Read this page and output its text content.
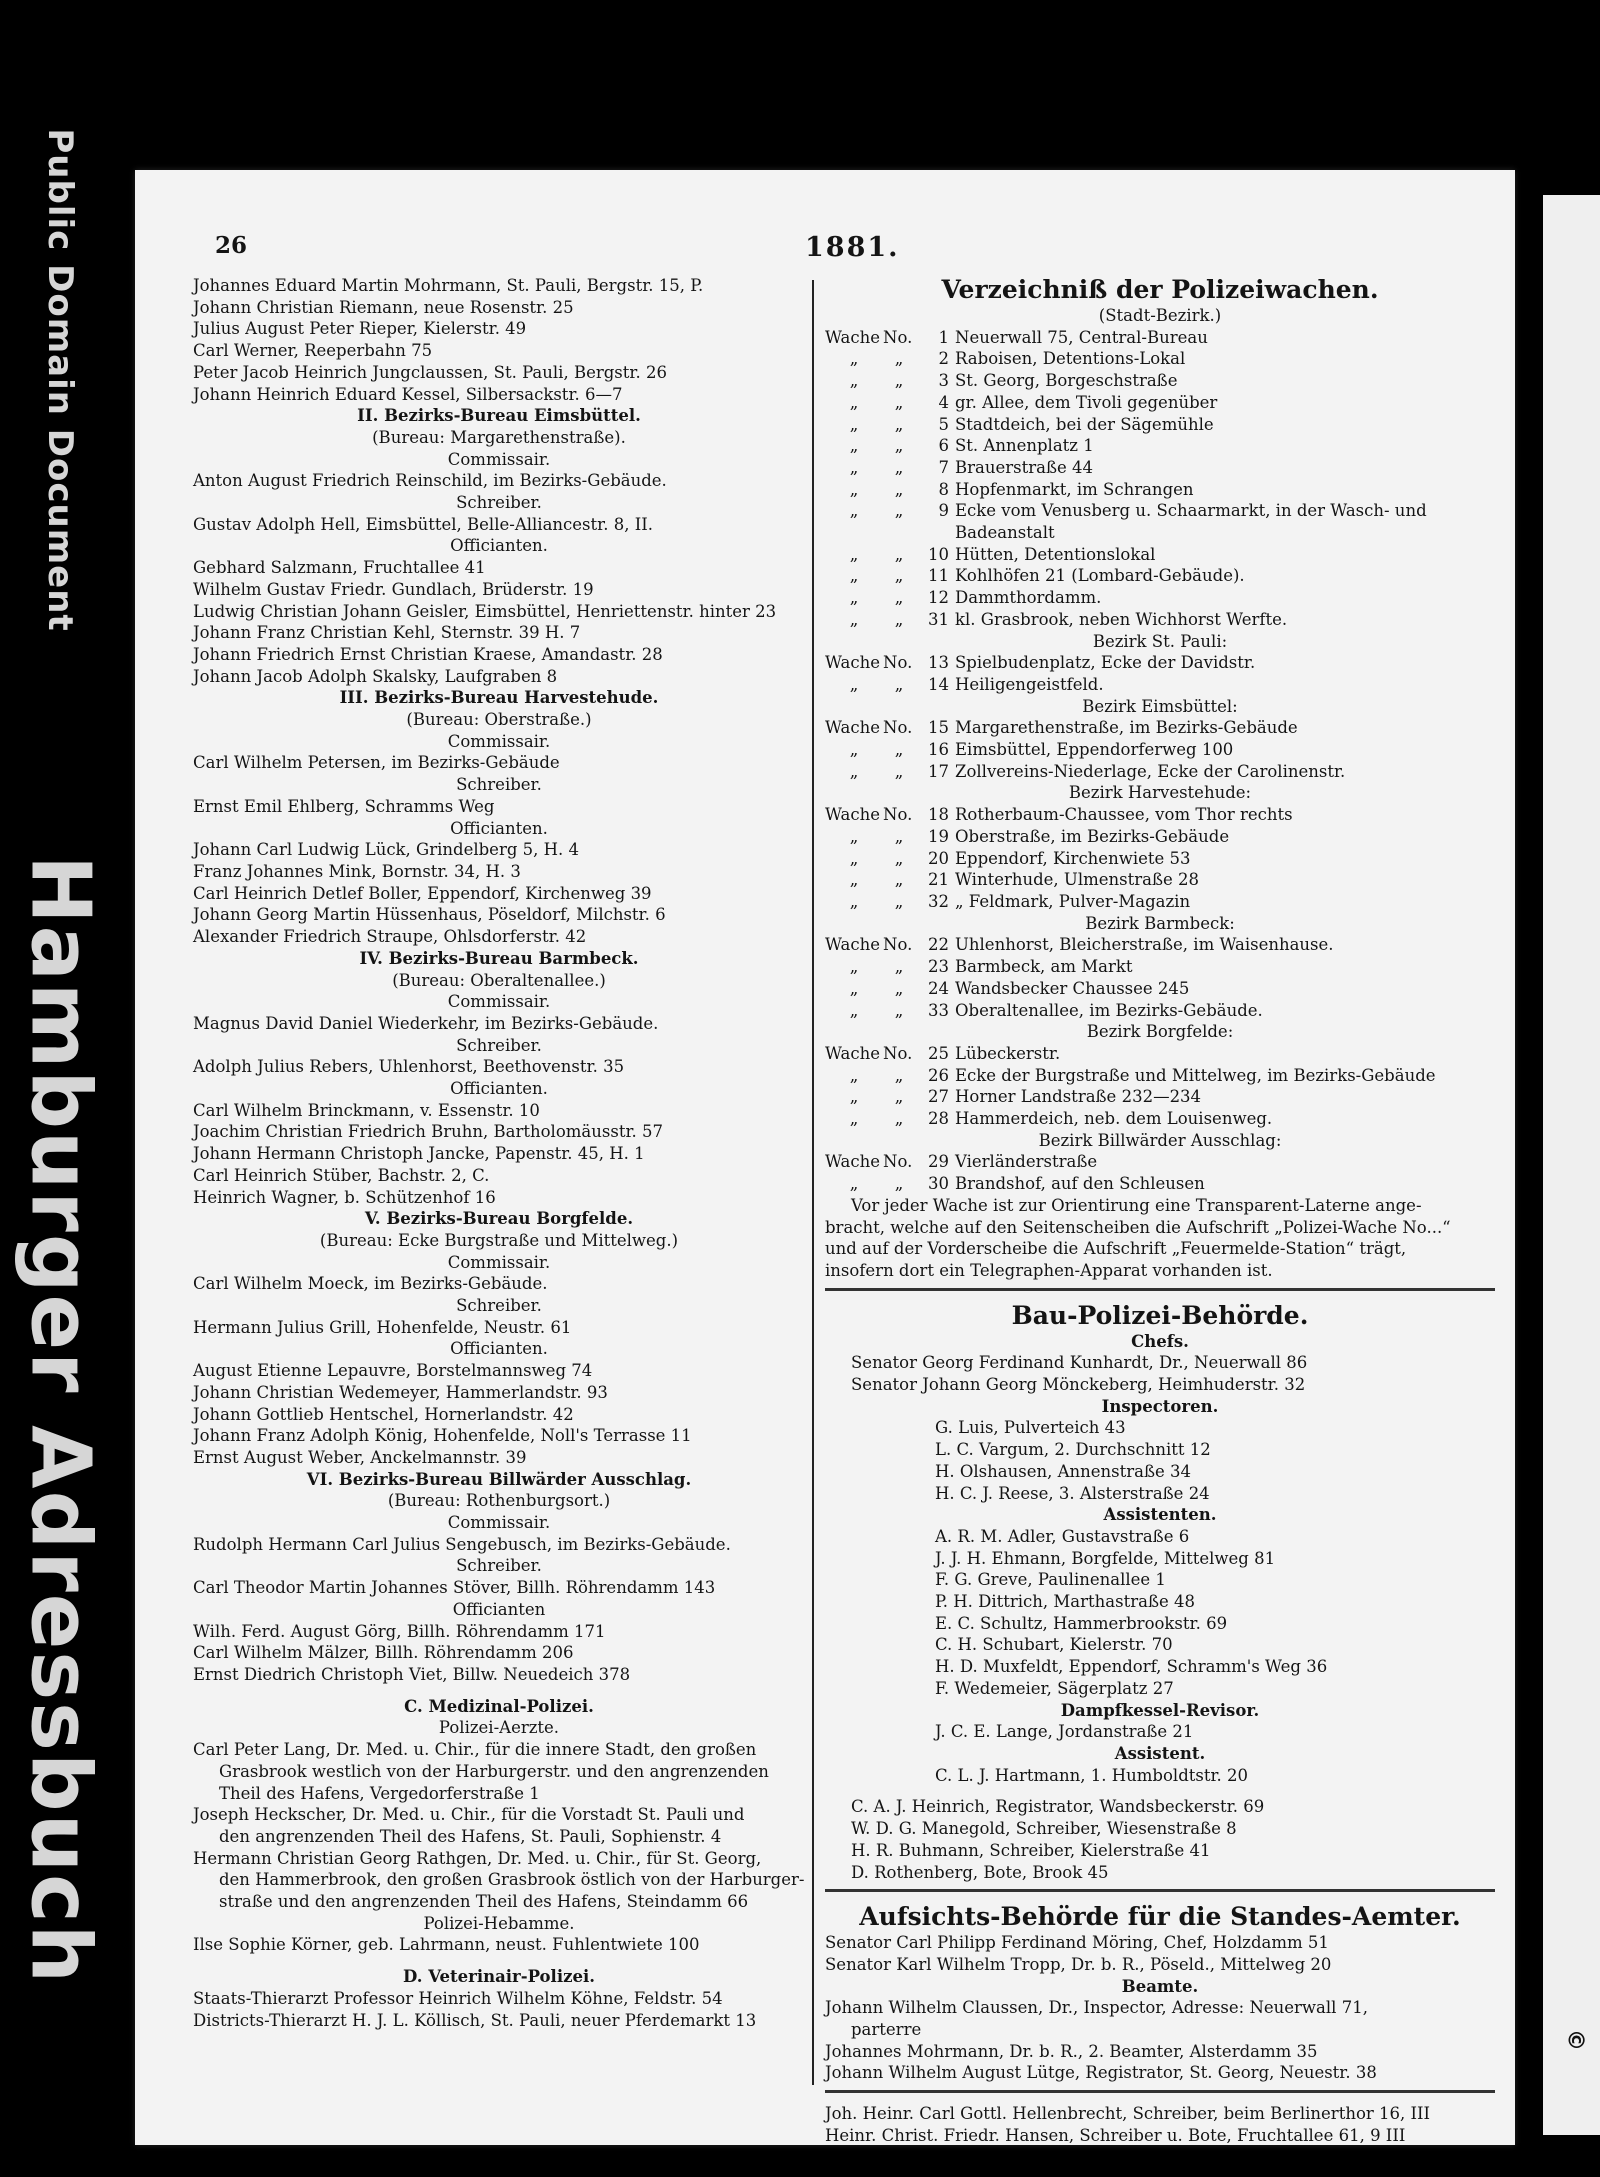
Public Domain Document
Hamburger Adressbuch
©
26	1881.
Johannes Eduard Martin Mohrmann, St. Pauli, Bergstr. 15, P.
Johann Christian Riemann, neue Rosenstr. 25
Julius August Peter Rieper, Kielerstr. 49
Carl Werner, Reeperbahn 75
Peter Jacob Heinrich Jungclaussen, St. Pauli, Bergstr. 26
Johann Heinrich Eduard Kessel, Silbersackstr. 6—7
II. Bezirks-Bureau Eimsbüttel.
(Bureau: Margarethenstraße).
Commissair.
Anton August Friedrich Reinschild, im Bezirks-Gebäude.
Schreiber.
Gustav Adolph Hell, Eimsbüttel, Belle-Alliancestr. 8, II.
Officianten.
Gebhard Salzmann, Fruchtallee 41
Wilhelm Gustav Friedr. Gundlach, Brüderstr. 19
Ludwig Christian Johann Geisler, Eimsbüttel, Henriettenstr. hinter 23
Johann Franz Christian Kehl, Sternstr. 39 H. 7
Johann Friedrich Ernst Christian Kraese, Amandastr. 28
Johann Jacob Adolph Skalsky, Laufgraben 8
III. Bezirks-Bureau Harvestehude.
(Bureau: Oberstraße.)
Commissair.
Carl Wilhelm Petersen, im Bezirks-Gebäude
Schreiber.
Ernst Emil Ehlberg, Schramms Weg
Officianten.
Johann Carl Ludwig Lück, Grindelberg 5, H. 4
Franz Johannes Mink, Bornstr. 34, H. 3
Carl Heinrich Detlef Boller, Eppendorf, Kirchenweg 39
Johann Georg Martin Hüssenhaus, Pöseldorf, Milchstr. 6
Alexander Friedrich Straupe, Ohlsdorferstr. 42
IV. Bezirks-Bureau Barmbeck.
(Bureau: Oberaltenallee.)
Commissair.
Magnus David Daniel Wiederkehr, im Bezirks-Gebäude.
Schreiber.
Adolph Julius Rebers, Uhlenhorst, Beethovenstr. 35
Officianten.
Carl Wilhelm Brinckmann, v. Essenstr. 10
Joachim Christian Friedrich Bruhn, Bartholomäusstr. 57
Johann Hermann Christoph Jancke, Papenstr. 45, H. 1
Carl Heinrich Stüber, Bachstr. 2, C.
Heinrich Wagner, b. Schützenhof 16
V. Bezirks-Bureau Borgfelde.
(Bureau: Ecke Burgstraße und Mittelweg.)
Commissair.
Carl Wilhelm Moeck, im Bezirks-Gebäude.
Schreiber.
Hermann Julius Grill, Hohenfelde, Neustr. 61
Officianten.
August Etienne Lepauvre, Borstelmannsweg 74
Johann Christian Wedemeyer, Hammerlandstr. 93
Johann Gottlieb Hentschel, Hornerlandstr. 42
Johann Franz Adolph König, Hohenfelde, Noll's Terrasse 11
Ernst August Weber, Anckelmannstr. 39
VI. Bezirks-Bureau Billwärder Ausschlag.
(Bureau: Rothenburgsort.)
Commissair.
Rudolph Hermann Carl Julius Sengebusch, im Bezirks-Gebäude.
Schreiber.
Carl Theodor Martin Johannes Stöver, Billh. Röhrendamm 143
Officianten
Wilh. Ferd. August Görg, Billh. Röhrendamm 171
Carl Wilhelm Mälzer, Billh. Röhrendamm 206
Ernst Diedrich Christoph Viet, Billw. Neuedeich 378
C. Medizinal-Polizei.
Polizei-Aerzte.
Carl Peter Lang, Dr. Med. u. Chir., für die innere Stadt, den großen
Grasbrook westlich von der Harburgerstr. und den angrenzenden
Theil des Hafens, Vergedorferstraße 1
Joseph Heckscher, Dr. Med. u. Chir., für die Vorstadt St. Pauli und
den angrenzenden Theil des Hafens, St. Pauli, Sophienstr. 4
Hermann Christian Georg Rathgen, Dr. Med. u. Chir., für St. Georg,
den Hammerbrook, den großen Grasbrook östlich von der Harburger-
straße und den angrenzenden Theil des Hafens, Steindamm 66
Polizei-Hebamme.
Ilse Sophie Körner, geb. Lahrmann, neust. Fuhlentwiete 100
D. Veterinair-Polizei.
Staats-Thierarzt Professor Heinrich Wilhelm Köhne, Feldstr. 54
Districts-Thierarzt H. J. L. Köllisch, St. Pauli, neuer Pferdemarkt 13
Verzeichniß der Polizeiwachen.
(Stadt-Bezirk.)
Wache No. 1 Neuerwall 75, Central-Bureau
„ „ 2 Raboisen, Detentions-Lokal
„ „ 3 St. Georg, Borgeschstraße
„ „ 4 gr. Allee, dem Tivoli gegenüber
„ „ 5 Stadtdeich, bei der Sägemühle
„ „ 6 St. Annenplatz 1
„ „ 7 Brauerstraße 44
„ „ 8 Hopfenmarkt, im Schrangen
„ „ 9 Ecke vom Venusberg u. Schaarmarkt, in der Wasch- und
Badeanstalt
„ „ 10 Hütten, Detentionslokal
„ „ 11 Kohlhöfen 21 (Lombard-Gebäude).
„ „ 12 Dammthordamm.
„ „ 31 kl. Grasbrook, neben Wichhorst Werfte.
Bezirk St. Pauli:
Wache No. 13 Spielbudenplatz, Ecke der Davidstr.
„ „ 14 Heiligengeistfeld.
Bezirk Eimsbüttel:
Wache No. 15 Margarethenstraße, im Bezirks-Gebäude
„ „ 16 Eimsbüttel, Eppendorferweg 100
„ „ 17 Zollvereins-Niederlage, Ecke der Carolinenstr.
Bezirk Harvestehude:
Wache No. 18 Rotherbaum-Chaussee, vom Thor rechts
„ „ 19 Oberstraße, im Bezirks-Gebäude
„ „ 20 Eppendorf, Kirchenwiete 53
„ „ 21 Winterhude, Ulmenstraße 28
„ „ 32 „ Feldmark, Pulver-Magazin
Bezirk Barmbeck:
Wache No. 22 Uhlenhorst, Bleicherstraße, im Waisenhause.
„ „ 23 Barmbeck, am Markt
„ „ 24 Wandsbecker Chaussee 245
„ „ 33 Oberaltenallee, im Bezirks-Gebäude.
Bezirk Borgfelde:
Wache No. 25 Lübeckerstr.
„ „ 26 Ecke der Burgstraße und Mittelweg, im Bezirks-Gebäude
„ „ 27 Horner Landstraße 232—234
„ „ 28 Hammerdeich, neb. dem Louisenweg.
Bezirk Billwärder Ausschlag:
Wache No. 29 Vierländerstraße
„ „ 30 Brandshof, auf den Schleusen
Vor jeder Wache ist zur Orientirung eine Transparent-Laterne ange-
bracht, welche auf den Seitenscheiben die Aufschrift „Polizei-Wache No...“
und auf der Vorderscheibe die Aufschrift „Feuermelde-Station“ trägt,
insofern dort ein Telegraphen-Apparat vorhanden ist.
Bau-Polizei-Behörde.
Chefs.
Senator Georg Ferdinand Kunhardt, Dr., Neuerwall 86
Senator Johann Georg Mönckeberg, Heimhuderstr. 32
Inspectoren.
G. Luis, Pulverteich 43
L. C. Vargum, 2. Durchschnitt 12
H. Olshausen, Annenstraße 34
H. C. J. Reese, 3. Alsterstraße 24
Assistenten.
A. R. M. Adler, Gustavstraße 6
J. J. H. Ehmann, Borgfelde, Mittelweg 81
F. G. Greve, Paulinenallee 1
P. H. Dittrich, Marthastraße 48
E. C. Schultz, Hammerbrookstr. 69
C. H. Schubart, Kielerstr. 70
H. D. Muxfeldt, Eppendorf, Schramm's Weg 36
F. Wedemeier, Sägerplatz 27
Dampfkessel-Revisor.
J. C. E. Lange, Jordanstraße 21
Assistent.
C. L. J. Hartmann, 1. Humboldtstr. 20
C. A. J. Heinrich, Registrator, Wandsbeckerstr. 69
W. D. G. Manegold, Schreiber, Wiesenstraße 8
H. R. Buhmann, Schreiber, Kielerstraße 41
D. Rothenberg, Bote, Brook 45
Aufsichts-Behörde für die Standes-Aemter.
Senator Carl Philipp Ferdinand Möring, Chef, Holzdamm 51
Senator Karl Wilhelm Tropp, Dr. b. R., Pöseld., Mittelweg 20
Beamte.
Johann Wilhelm Claussen, Dr., Inspector, Adresse: Neuerwall 71,
parterre
Johannes Mohrmann, Dr. b. R., 2. Beamter, Alsterdamm 35
Johann Wilhelm August Lütge, Registrator, St. Georg, Neuestr. 38
Joh. Heinr. Carl Gottl. Hellenbrecht, Schreiber, beim Berlinerthor 16, III
Heinr. Christ. Friedr. Hansen, Schreiber u. Bote, Fruchtallee 61, 9 III
